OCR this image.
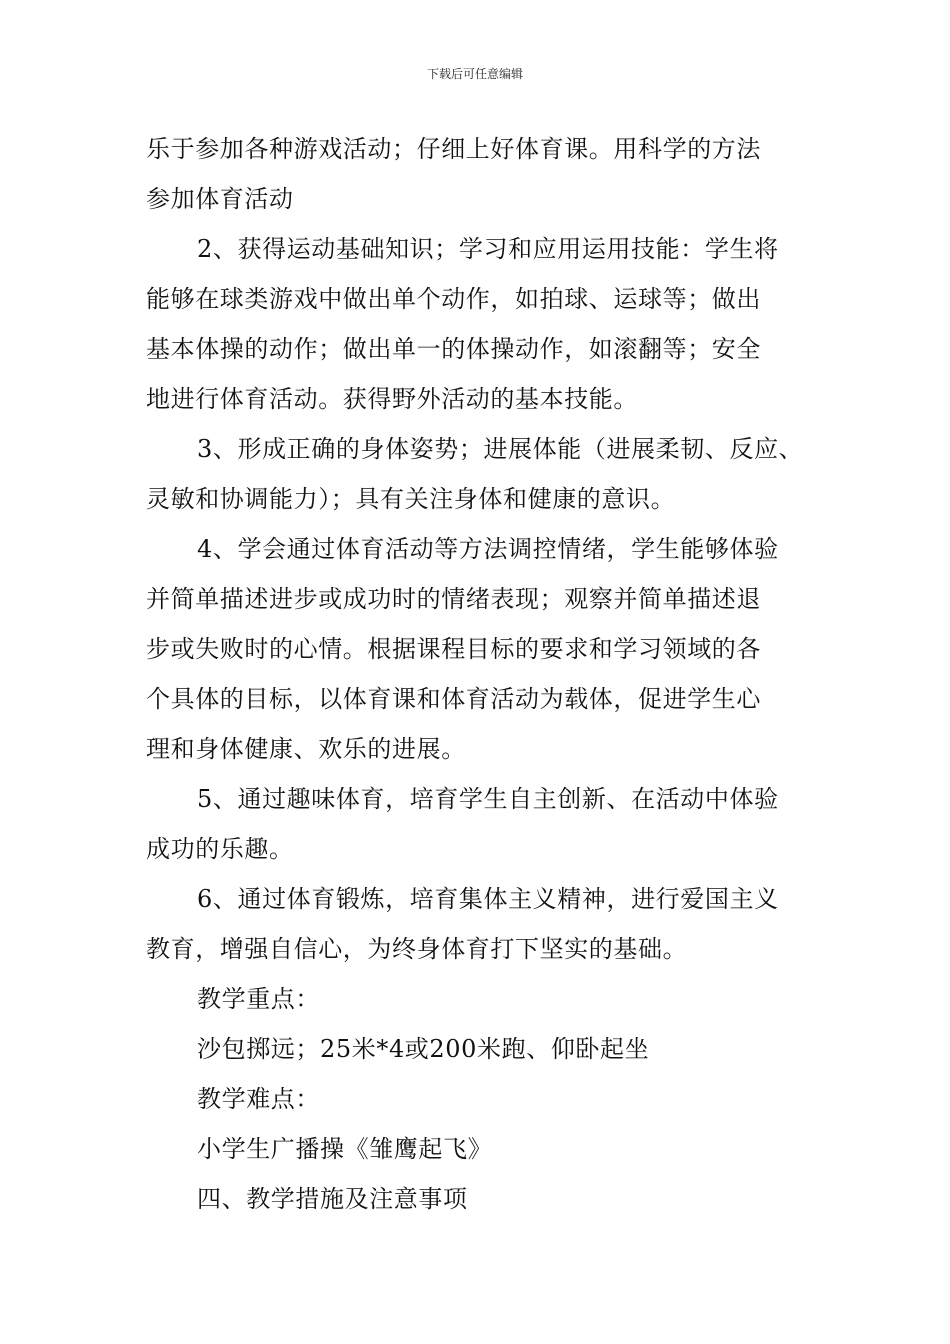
下载后可任意编辑
乐于参加各种游戏活动；仔细上好体育课。用科学的方法
参加体育活动
2、获得运动基础知识；学习和应用运用技能：学生将
能够在球类游戏中做出单个动作，如拍球、运球等；做出
基本体操的动作；做出单一的体操动作，如滚翻等；安全
地进行体育活动。获得野外活动的基本技能。
3、形成正确的身体姿势；进展体能（进展柔韧、反应、
灵敏和协调能力）；具有关注身体和健康的意识。
4、学会通过体育活动等方法调控情绪，学生能够体验
并简单描述进步或成功时的情绪表现；观察并简单描述退
步或失败时的心情。根据课程目标的要求和学习领域的各
个具体的目标，以体育课和体育活动为载体，促进学生心
理和身体健康、欢乐的进展。
5、通过趣味体育，培育学生自主创新、在活动中体验
成功的乐趣。
6、通过体育锻炼，培育集体主义精神，进行爱国主义
教育，增强自信心，为终身体育打下坚实的基础。
教学重点：
沙包掷远；25米*4或200米跑、仰卧起坐
教学难点：
小学生广播操《雏鹰起飞》
四、教学措施及注意事项
